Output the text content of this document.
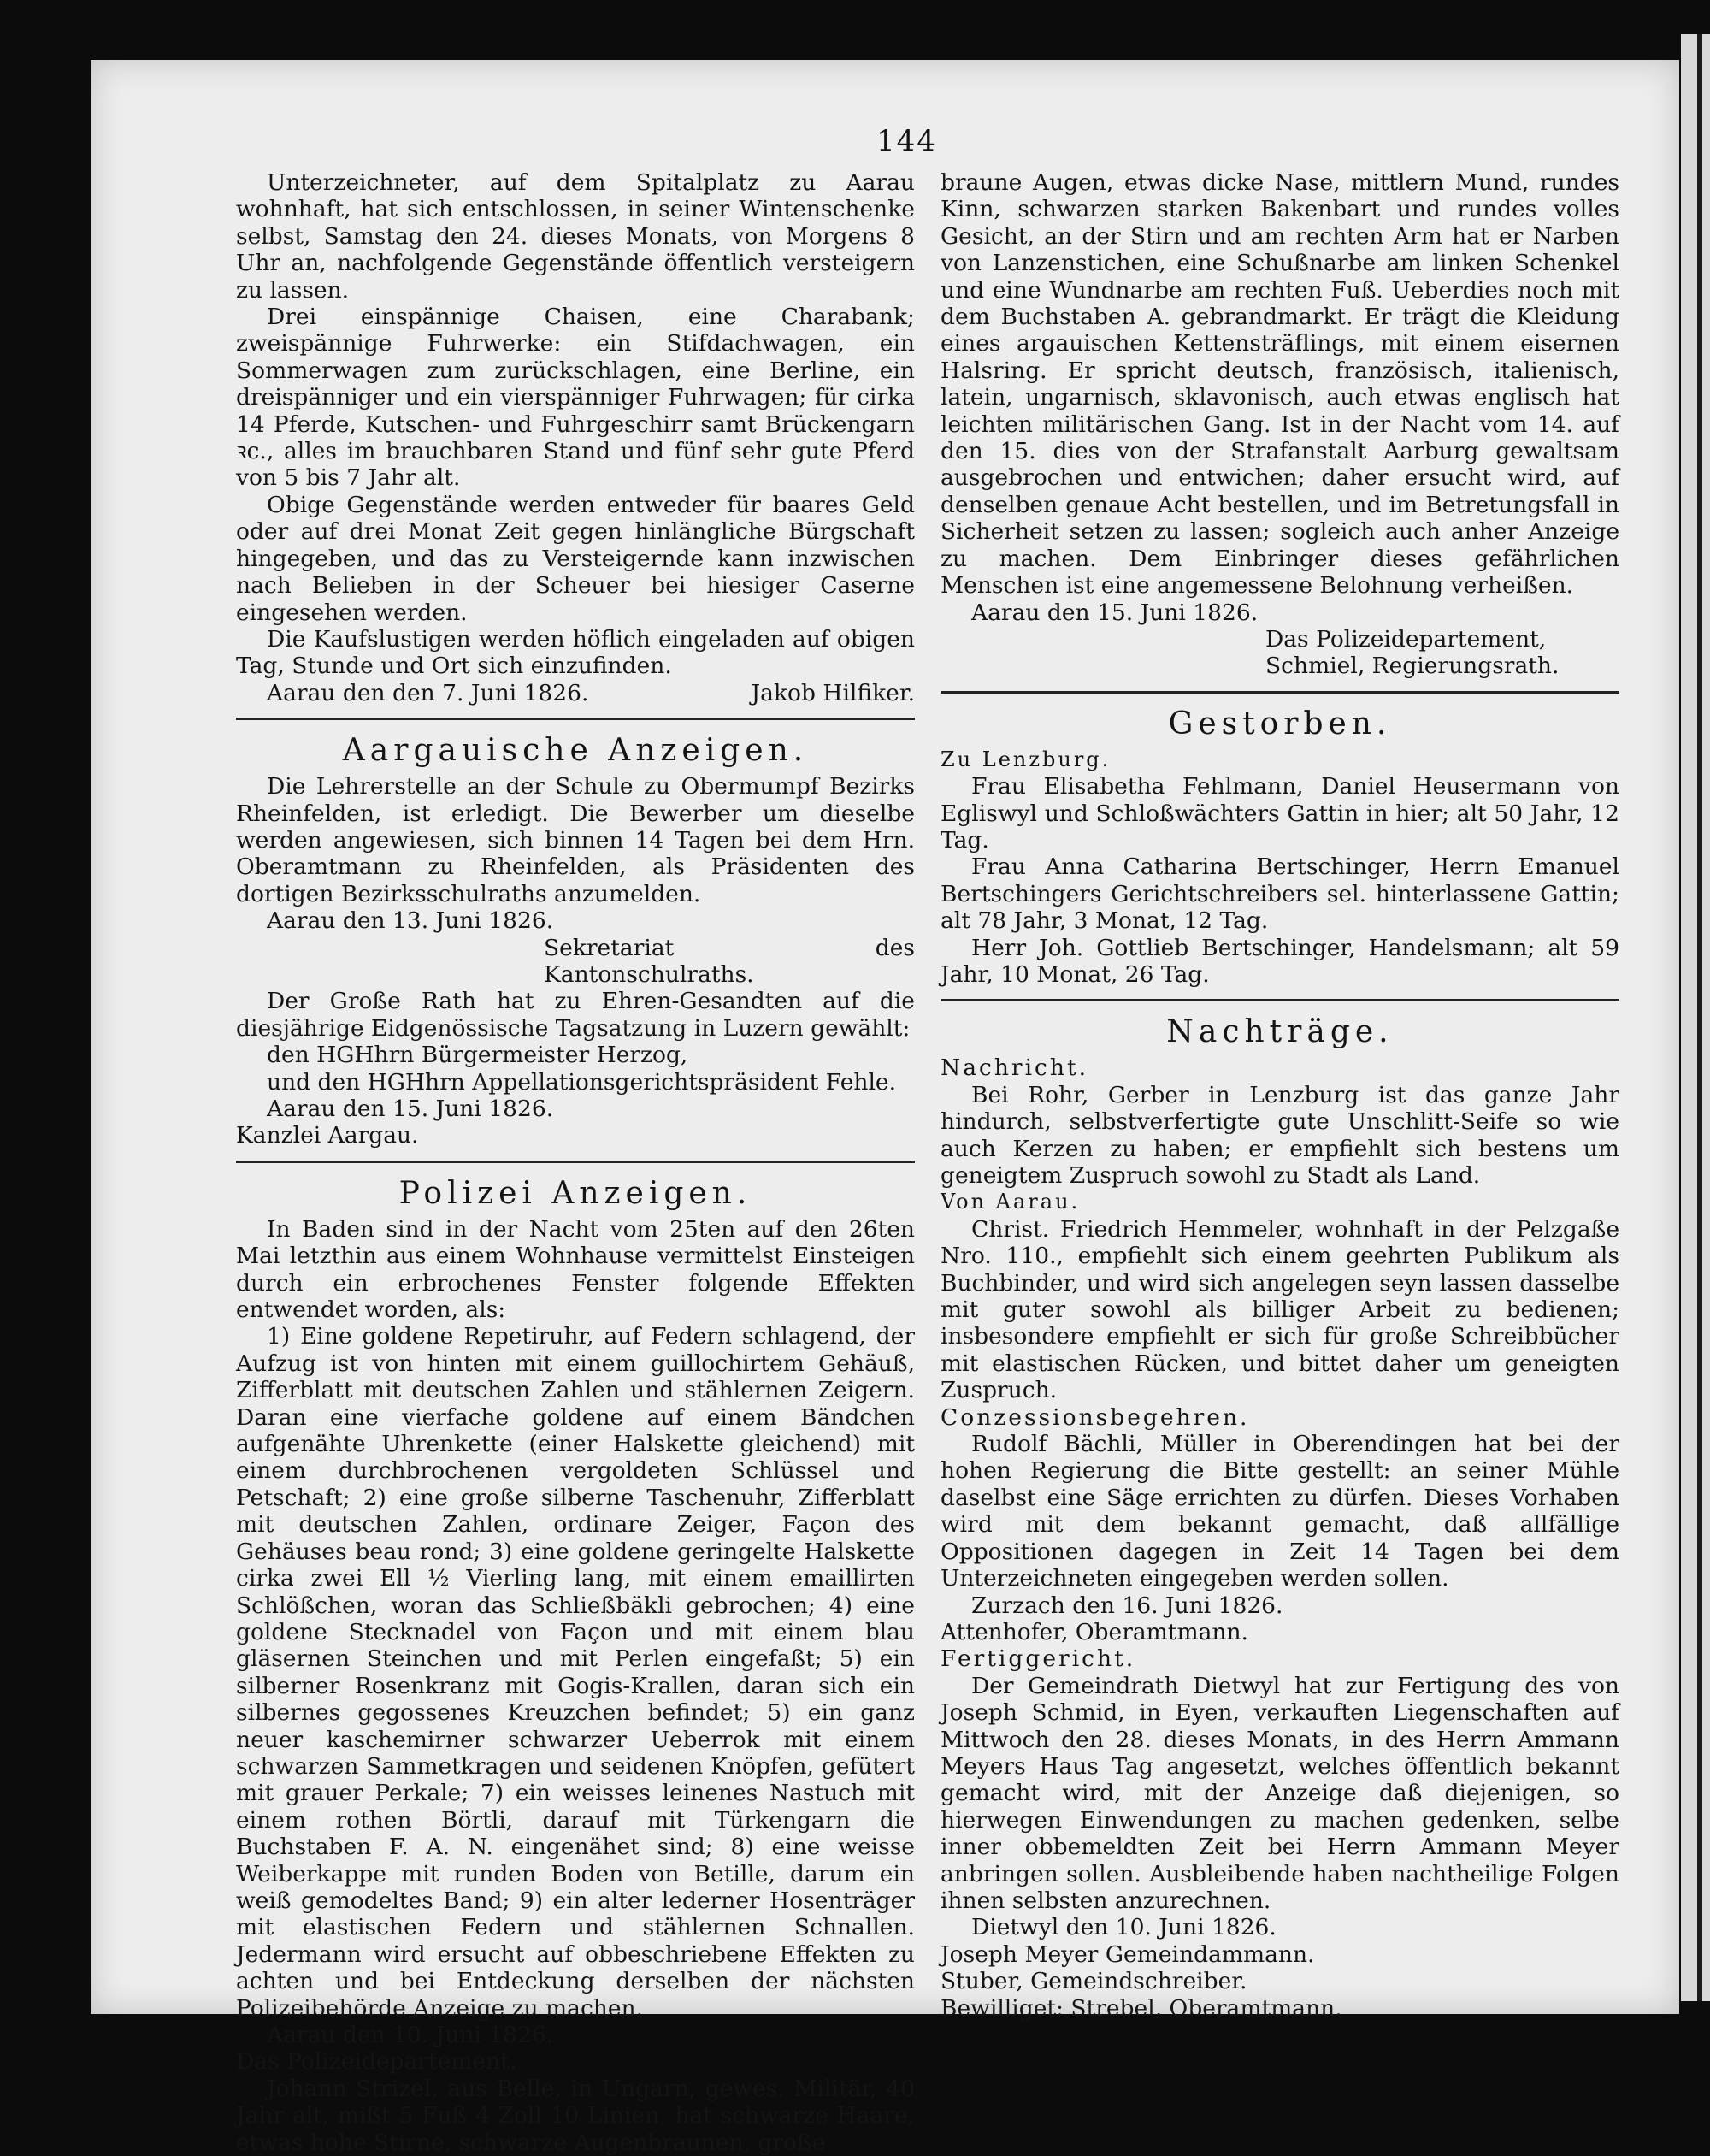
144

Unterzeichneter, auf dem Spitalplatz zu Aarau wohnhaft, hat sich entschlossen, in seiner Wintenschenke selbst, Samstag den 24. dieses Monats, von Morgens 8 Uhr an, nachfolgende Gegenstände öffentlich versteigern zu lassen.

Drei einspännige Chaisen, eine Charabank; zweispännige Fuhrwerke: ein Stifdachwagen, ein Sommerwagen zum zurückschlagen, eine Berline, ein dreispänniger und ein vierspänniger Fuhrwagen; für cirka 14 Pferde, Kutschen- und Fuhrgeschirr samt Brückengarn ꝛc., alles im brauchbaren Stand und fünf sehr gute Pferd von 5 bis 7 Jahr alt.

Obige Gegenstände werden entweder für baares Geld oder auf drei Monat Zeit gegen hinlängliche Bürgschaft hingegeben, und das zu Versteigernde kann inzwischen nach Belieben in der Scheuer bei hiesiger Caserne eingesehen werden.

Die Kaufslustigen werden höflich eingeladen auf obigen Tag, Stunde und Ort sich einzufinden.

Aarau den den 7. Juni 1826.	Jakob Hilfiker.
Aargauische Anzeigen.

Die Lehrerstelle an der Schule zu Obermumpf Bezirks Rheinfelden, ist erledigt. Die Bewerber um dieselbe werden angewiesen, sich binnen 14 Tagen bei dem Hrn. Oberamtmann zu Rheinfelden, als Präsidenten des dortigen Bezirksschulraths anzumelden.

Aarau den 13. Juni 1826.

Sekretariat des Kantonschulraths.

Der Große Rath hat zu Ehren-Gesandten auf die diesjährige Eidgenössische Tagsatzung in Luzern gewählt:

den HGHhrn Bürgermeister Herzog,

und den HGHhrn Appellationsgerichtspräsident Fehle.

Aarau den 15. Juni 1826.

Kanzlei Aargau.

Polizei Anzeigen.

In Baden sind in der Nacht vom 25ten auf den 26ten Mai letzthin aus einem Wohnhause vermittelst Einsteigen durch ein erbrochenes Fenster folgende Effekten entwendet worden, als:

1) Eine goldene Repetiruhr, auf Federn schlagend, der Aufzug ist von hinten mit einem guillochirtem Gehäuß, Zifferblatt mit deutschen Zahlen und stählernen Zeigern. Daran eine vierfache goldene auf einem Bändchen aufgenähte Uhrenkette (einer Halskette gleichend) mit einem durchbrochenen vergoldeten Schlüssel und Petschaft; 2) eine große silberne Taschenuhr, Zifferblatt mit deutschen Zahlen, ordinare Zeiger, Façon des Gehäuses beau rond; 3) eine goldene geringelte Halskette cirka zwei Ell ½ Vierling lang, mit einem emaillirten Schlößchen, woran das Schließbäkli gebrochen; 4) eine goldene Stecknadel von Façon und mit einem blau gläsernen Steinchen und mit Perlen eingefaßt; 5) ein silberner Rosenkranz mit Gogis-Krallen, daran sich ein silbernes gegossenes Kreuzchen befindet; 5) ein ganz neuer kaschemirner schwarzer Ueberrok mit einem schwarzen Sammetkragen und seidenen Knöpfen, gefütert mit grauer Perkale; 7) ein weisses leinenes Nastuch mit einem rothen Börtli, darauf mit Türkengarn die Buchstaben F. A. N. eingenähet sind; 8) eine weisse Weiberkappe mit runden Boden von Betille, darum ein weiß gemodeltes Band; 9) ein alter lederner Hosenträger mit elastischen Federn und stählernen Schnallen. Jedermann wird ersucht auf obbeschriebene Effekten zu achten und bei Entdeckung derselben der nächsten Polizeibehörde Anzeige zu machen.

Aarau den 10. Juni 1826.

Das Polizeidepartement.

Johann Strizel, aus Belle, in Ungarn, gewes. Militär, 40 Jahr alt, mißt 5 Fuß 4 Zoll 10 Linien, hat schwarze Haare, etwas hohe Stirne, schwarze Augenbraunen, große

braune Augen, etwas dicke Nase, mittlern Mund, rundes Kinn, schwarzen starken Bakenbart und rundes volles Gesicht, an der Stirn und am rechten Arm hat er Narben von Lanzenstichen, eine Schußnarbe am linken Schenkel und eine Wundnarbe am rechten Fuß. Ueberdies noch mit dem Buchstaben A. gebrandmarkt. Er trägt die Kleidung eines argauischen Kettensträflings, mit einem eisernen Halsring. Er spricht deutsch, französisch, italienisch, latein, ungarnisch, sklavonisch, auch etwas englisch hat leichten militärischen Gang. Ist in der Nacht vom 14. auf den 15. dies von der Strafanstalt Aarburg gewaltsam ausgebrochen und entwichen; daher ersucht wird, auf denselben genaue Acht bestellen, und im Betretungsfall in Sicherheit setzen zu lassen; sogleich auch anher Anzeige zu machen. Dem Einbringer dieses gefährlichen Menschen ist eine angemessene Belohnung verheißen.

Aarau den 15. Juni 1826.

Das Polizeidepartement,

Schmiel, Regierungsrath.

Gestorben.

Zu Lenzburg.

Frau Elisabetha Fehlmann, Daniel Heusermann von Egliswyl und Schloßwächters Gattin in hier; alt 50 Jahr, 12 Tag.

Frau Anna Catharina Bertschinger, Herrn Emanuel Bertschingers Gerichtschreibers sel. hinterlassene Gattin; alt 78 Jahr, 3 Monat, 12 Tag.

Herr Joh. Gottlieb Bertschinger, Handelsmann; alt 59 Jahr, 10 Monat, 26 Tag.

Nachträge.

Nachricht.

Bei Rohr, Gerber in Lenzburg ist das ganze Jahr hindurch, selbstverfertigte gute Unschlitt-Seife so wie auch Kerzen zu haben; er empfiehlt sich bestens um geneigtem Zuspruch sowohl zu Stadt als Land.

Von Aarau.

Christ. Friedrich Hemmeler, wohnhaft in der Pelzgaße Nro. 110., empfiehlt sich einem geehrten Publikum als Buchbinder, und wird sich angelegen seyn lassen dasselbe mit guter sowohl als billiger Arbeit zu bedienen; insbesondere empfiehlt er sich für große Schreibbücher mit elastischen Rücken, und bittet daher um geneigten Zuspruch.

Conzessionsbegehren.

Rudolf Bächli, Müller in Oberendingen hat bei der hohen Regierung die Bitte gestellt: an seiner Mühle daselbst eine Säge errichten zu dürfen. Dieses Vorhaben wird mit dem bekannt gemacht, daß allfällige Oppositionen dagegen in Zeit 14 Tagen bei dem Unterzeichneten eingegeben werden sollen.

Zurzach den 16. Juni 1826.

Attenhofer, Oberamtmann.

Fertiggericht.

Der Gemeindrath Dietwyl hat zur Fertigung des von Joseph Schmid, in Eyen, verkauften Liegenschaften auf Mittwoch den 28. dieses Monats, in des Herrn Ammann Meyers Haus Tag angesetzt, welches öffentlich bekannt gemacht wird, mit der Anzeige daß diejenigen, so hierwegen Einwendungen zu machen gedenken, selbe inner obbemeldten Zeit bei Herrn Ammann Meyer anbringen sollen. Ausbleibende haben nachtheilige Folgen ihnen selbsten anzurechnen.

Dietwyl den 10. Juni 1826.

Joseph Meyer Gemeindammann.

Stuber, Gemeindschreiber.

Bewilliget: Strebel, Oberamtmann.
